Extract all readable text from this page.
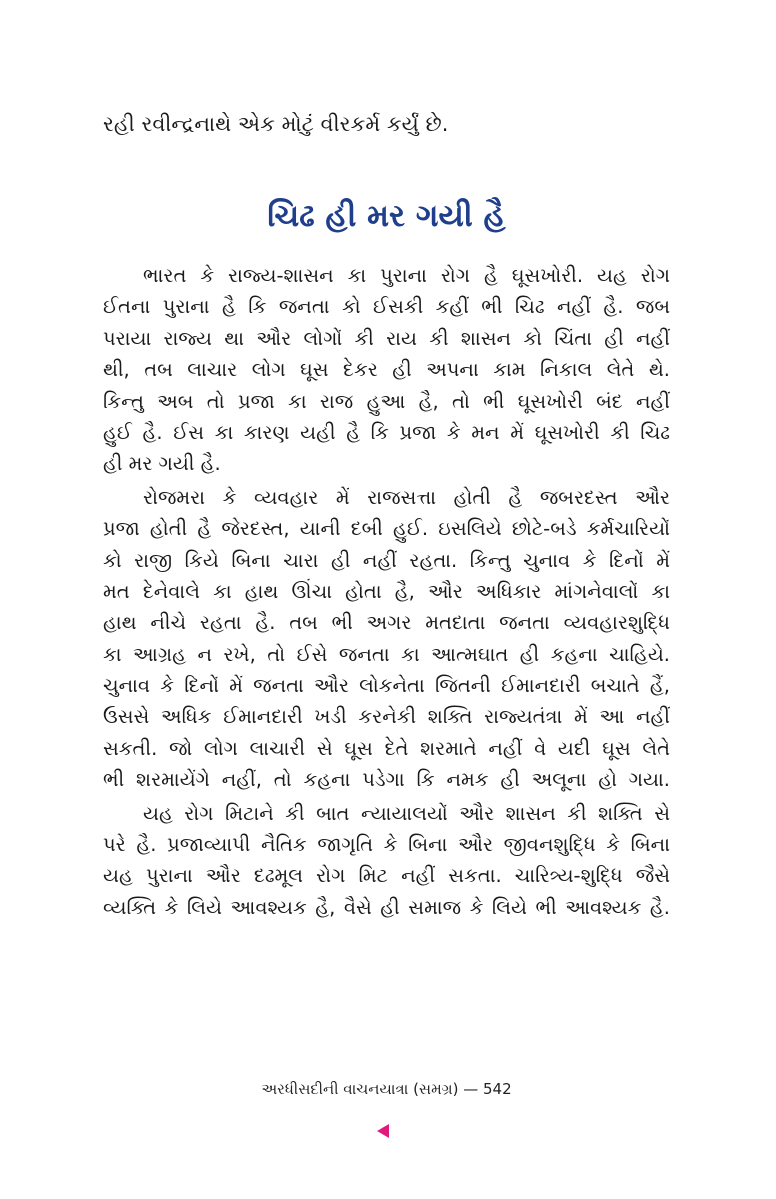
રહી રવીન્દ્રનાથે એક મોટું વીરકર્મ કર્યું છે.
ચિઢ હી મર ગયી હૈ
ભારત કે રાજ્ય-શાસન કા પુરાના રોગ હૈ ઘૂસખોરી. યહ રોગ
ઈતના પુરાના હૈ કિ જનતા કો ઈસકી કહીં ભી ચિઢ નહીં હૈ. જબ
પરાયા રાજ્ય થા ઔર લોગોં કી રાય કી શાસન કો ચિંતા હી નહીં
થી, તબ લાચાર લોગ ઘૂસ દેકર હી અપના કામ નિકાલ લેતે થે.
કિન્તુ અબ તો પ્રજા કા રાજ હુઆ હૈ, તો ભી ઘૂસખોરી બંદ નહીં
હુઈ હૈ. ઈસ કા કારણ યહી હૈ કિ પ્રજા કે મન મેં ઘૂસખોરી કી ચિઢ
હી મર ગયી હૈ.
રોજમરા કે વ્યવહાર મેં રાજસત્તા હોતી હૈ જબરદસ્ત ઔર
પ્રજા હોતી હૈ જેરદસ્ત, યાની દબી હુઈ. ઇસલિયે છોટે-બડે કર્મચારિયોં
કો રાજી કિયે બિના ચારા હી નહીં રહતા. કિન્તુ ચુનાવ કે દિનોં મેં
મત દેનેવાલે કા હાથ ઊંચા હોતા હૈ, ઔર અધિકાર માંગનેવાલોં કા
હાથ નીચે રહતા હૈ. તબ ભી અગર મતદાતા જનતા વ્યવહારશુદ્ધિ
કા આગ્રહ ન રખે, તો ઈસે જનતા કા આત્મઘાત હી કહના ચાહિયે.
ચુનાવ કે દિનોં મેં જનતા ઔર લોકનેતા જિતની ઈમાનદારી બચાતે હૈં,
ઉસસે અધિક ઈમાનદારી ખડી કરનેકી શક્તિ રાજ્યતંત્રા મેં આ નહીં
સકતી. જો લોગ લાચારી સે ઘૂસ દેતે શરમાતે નહીં વે યદી ઘૂસ લેતે
ભી શરમાયેંગે નહીં, તો કહના પડેગા કિ નમક હી અલૂના હો ગયા.
યહ રોગ મિટાને કી બાત ન્યાયાલયોં ઔર શાસન કી શક્તિ સે
પરે હૈ. પ્રજાવ્યાપી નૈતિક જાગૃતિ કે બિના ઔર જીવનશુદ્ધિ કે બિના
યહ પુરાના ઔર દઢમૂલ રોગ મિટ નહીં સકતા. ચારિત્ર્ય-શુદ્ધિ જૈસે
વ્યક્તિ કે લિયે આવશ્યક હૈ, વૈસે હી સમાજ કે લિયે ભી આવશ્યક હૈ.
અરધીસદીની વાચનયાત્રા (સમગ્ર) — 542
